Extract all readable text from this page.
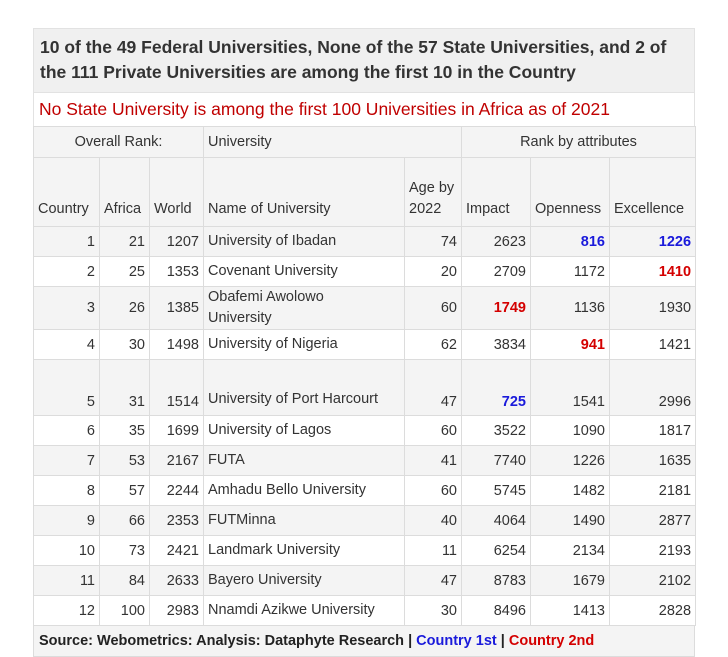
10 of the 49 Federal Universities, None of the 57 State Universities, and 2 of the 111 Private Universities are among the first 10 in the Country
No State University is among the first 100 Universities in Africa as of 2021
Overall Rank:			University		Rank by attributes		
Country	Africa	World	Name of University	Age by 2022	Impact	Openness	Excellence
1	21	1207	University of Ibadan	74	2623	816	1226
2	25	1353	Covenant University	20	2709	1172	1410
3	26	1385	Obafemi Awolowo University	60	1749	1136	1930
4	30	1498	University of Nigeria	62	3834	941	1421
5	31	1514	University of Port Harcourt	47	725	1541	2996
6	35	1699	University of Lagos	60	3522	1090	1817
7	53	2167	FUTA	41	7740	1226	1635
8	57	2244	Amhadu Bello University	60	5745	1482	2181
9	66	2353	FUTMinna	40	4064	1490	2877
10	73	2421	Landmark University	11	6254	2134	2193
11	84	2633	Bayero University	47	8783	1679	2102
12	100	2983	Nnamdi Azikwe University	30	8496	1413	2828
Source: Webometrics: Analysis: Dataphyte Research | Country 1st | Country 2nd
